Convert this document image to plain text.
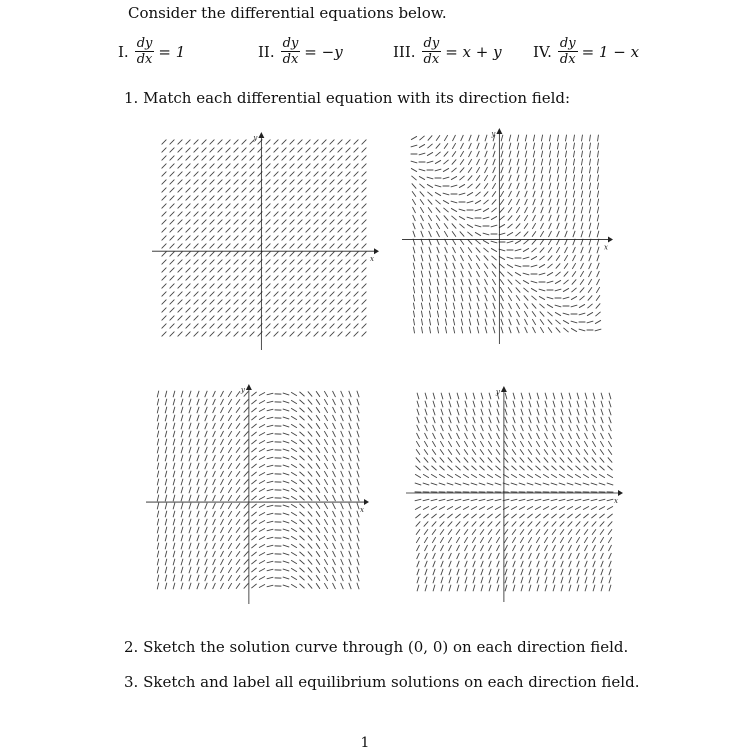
Consider the differential equations below.
I. $\frac{dy}{dx} = 1$	II. $\frac{dy}{dx} = -y$	III. $\frac{dy}{dx} = x + y$ IV. $\frac{dy}{dx} = 1 - x$
1. Match each differential equation with its direction field:
x
y
x
y
x
y
x
y
2. Sketch the solution curve through (0, 0) on each direction field.
3. Sketch and label all equilibrium solutions on each direction field.
1
